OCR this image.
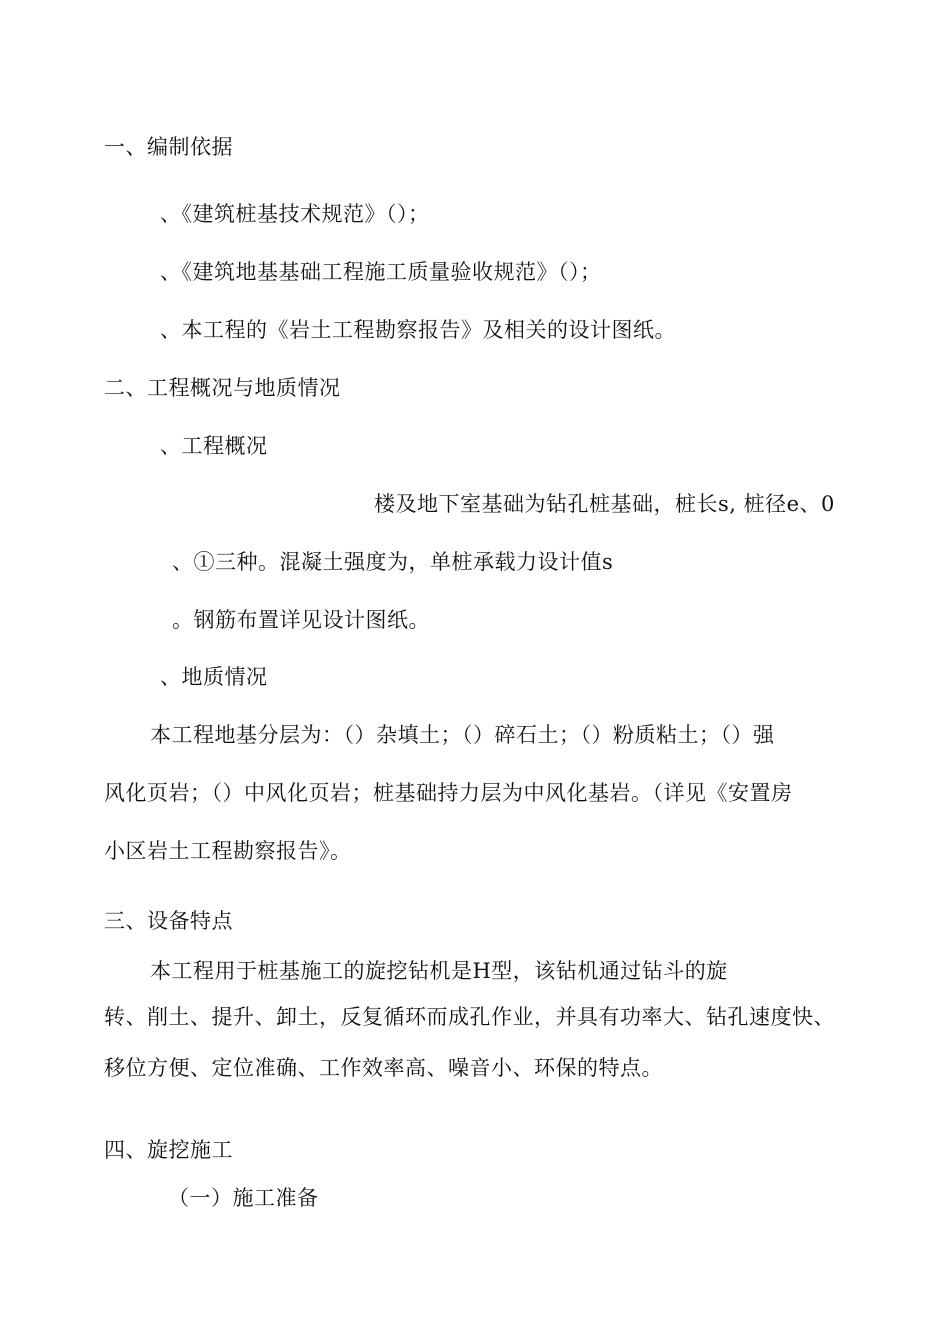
一、编制依据
、《建筑桩基技术规范》（）；
、《建筑地基基础工程施工质量验收规范》（）；
、本工程的《岩土工程勘察报告》及相关的设计图纸。
二、工程概况与地质情况
、工程概况
楼及地下室基础为钻孔桩基础，桩长s, 桩径e、0
、①三种。混凝土强度为，单桩承载力设计值s
。钢筋布置详见设计图纸。
、地质情况
本工程地基分层为：（）杂填土；（）碎石土；（）粉质粘土；（）强
风化页岩；（）中风化页岩；桩基础持力层为中风化基岩。（详见《安置房
小区岩土工程勘察报告》。
三、设备特点
本工程用于桩基施工的旋挖钻机是H型，该钻机通过钻斗的旋
转、削土、提升、卸土，反复循环而成孔作业，并具有功率大、钻孔速度快、
移位方便、定位准确、工作效率高、噪音小、环保的特点。
四、旋挖施工
（一）施工准备
